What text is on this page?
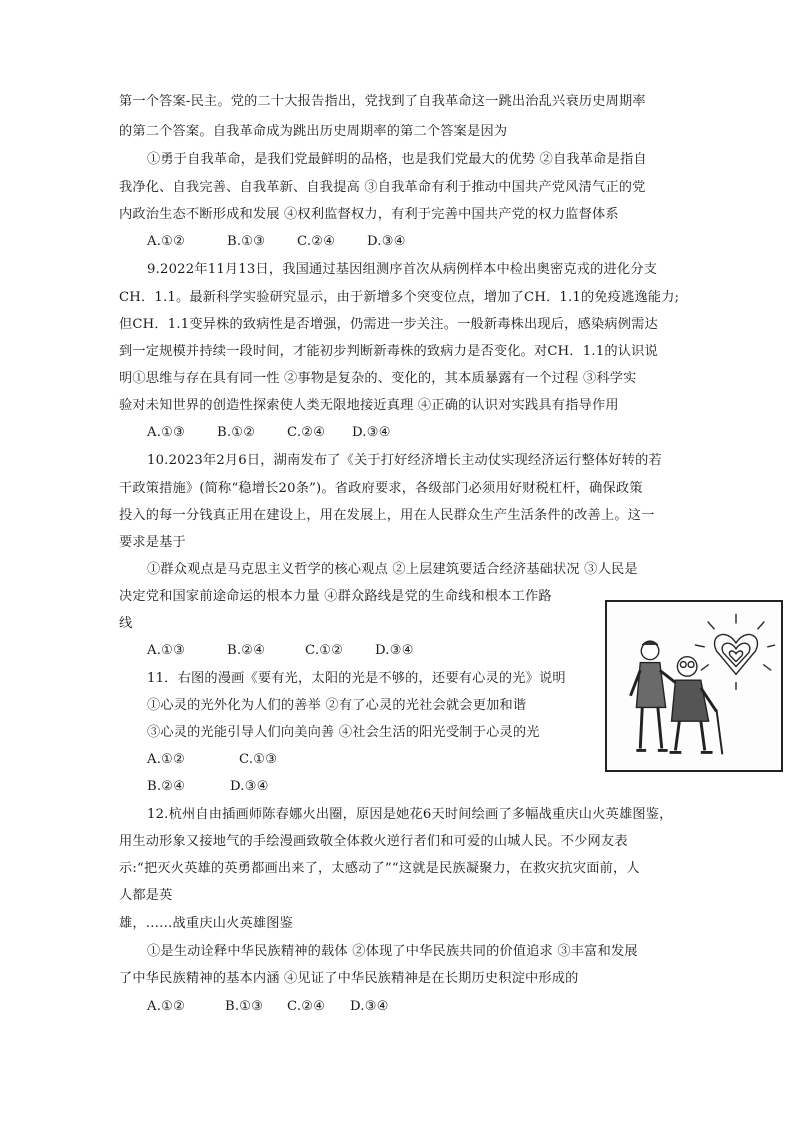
第一个答案-民主。党的二十大报告指出，党找到了自我革命这一跳出治乱兴衰历史周期率
的第二个答案。自我革命成为跳出历史周期率的第二个答案是因为
①勇于自我革命，是我们党最鲜明的品格，也是我们党最大的优势 ②自我革命是指自
我净化、自我完善、自我革新、自我提高 ③自我革命有利于推动中国共产党风清气正的党
内政治生态不断形成和发展 ④权利监督权力，有利于完善中国共产党的权力监督体系
A.①②	B.①③ C.②④ D.③④
9.2022年11月13日，我国通过基因组测序首次从病例样本中检出奥密克戎的进化分支
CH．1.1。最新科学实验研究显示，由于新增多个突变位点，增加了CH．1.1的免疫逃逸能力;
但CH．1.1变异株的致病性是否增强，仍需进一步关注。一般新毒株出现后，感染病例需达
到一定规模并持续一段时间，才能初步判断新毒株的致病力是否变化。对CH．1.1的认识说
明①思维与存在具有同一性 ②事物是复杂的、变化的，其本质暴露有一个过程 ③科学实
验对未知世界的创造性探索使人类无限地接近真理 ④正确的认识对实践具有指导作用
A.①③ B.①② C.②④ D.③④
10.2023年2月6日，湖南发布了《关于打好经济增长主动仗实现经济运行整体好转的若
干政策措施》(简称“稳增长20条”)。省政府要求，各级部门必须用好财税杠杆，确保政策
投入的每一分钱真正用在建设上，用在发展上，用在人民群众生产生活条件的改善上。这一
要求是基于
①群众观点是马克思主义哲学的核心观点 ②上层建筑要适合经济基础状况 ③人民是
决定党和国家前途命运的根本力量 ④群众路线是党的生命线和根本工作路
线
A.①③	B.②④	C.①② D.③④
11．右图的漫画《要有光，太阳的光是不够的，还要有心灵的光》说明
①心灵的光外化为人们的善举 ②有了心灵的光社会就会更加和谐
③心灵的光能引导人们向美向善 ④社会生活的阳光受制于心灵的光
A.①②	C.①③
B.②④	D.③④
12.杭州自由插画师陈春娜火出圈，原因是她花6天时间绘画了多幅战重庆山火英雄图鉴，
用生动形象又接地气的手绘漫画致敬全体救火逆行者们和可爱的山城人民。不少网友表
示:“把灭火英雄的英勇都画出来了，太感动了”“这就是民族凝聚力，在救灾抗灾面前，人
人都是英
雄，……战重庆山火英雄图鉴
①是生动诠释中华民族精神的载体 ②体现了中华民族共同的价值追求 ③丰富和发展
了中华民族精神的基本内涵 ④见证了中华民族精神是在长期历史积淀中形成的
A.①②	B.①③ C.②④ D.③④
